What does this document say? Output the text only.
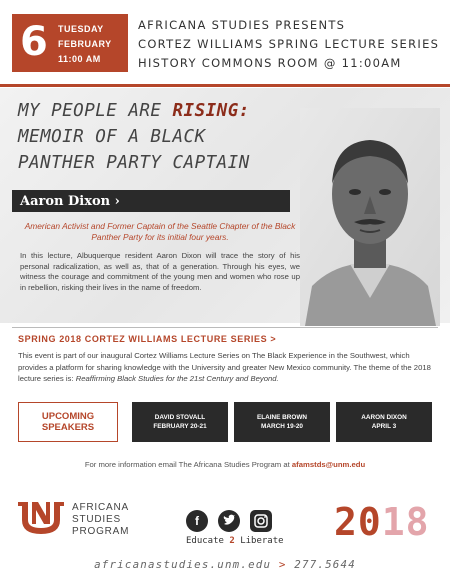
6 TUESDAY
FEBRUARY
11:00 AM
AFRICANA STUDIES PRESENTS
CORTEZ WILLIAMS SPRING LECTURE SERIES
HISTORY COMMONS ROOM @ 11:00AM
MY PEOPLE ARE RISING:
MEMOIR OF A BLACK
PANTHER PARTY CAPTAIN
Aaron Dixon ›
American Activist and Former Captain of the Seattle Chapter of the Black Panther Party for its initial four years.
In this lecture, Albuquerque resident Aaron Dixon will trace the story of his personal radicalization, as well as, that of a generation. Through his eyes, we witness the courage and commitment of the young men and women who rose up in rebellion, risking their lives in the name of freedom.
SPRING 2018 CORTEZ WILLIAMS LECTURE SERIES >
This event is part of our inaugural Cortez Williams Lecture Series on The Black Experience in the Southwest, which provides a platform for sharing knowledge with the University and greater New Mexico community. The theme of the 2018 lecture series is: Reaffirming Black Studies for the 21st Century and Beyond.
UPCOMING
SPEAKERS
DAVID STOVALL
FEBRUARY 20-21
ELAINE BROWN
MARCH 19-20
AARON DIXON
APRIL 3
For more information email The Africana Studies Program at afamstds@unm.edu
AFRICANA
STUDIES
PROGRAM
f
Educate 2 Liberate 2018
africanastudies.unm.edu > 277.5644
